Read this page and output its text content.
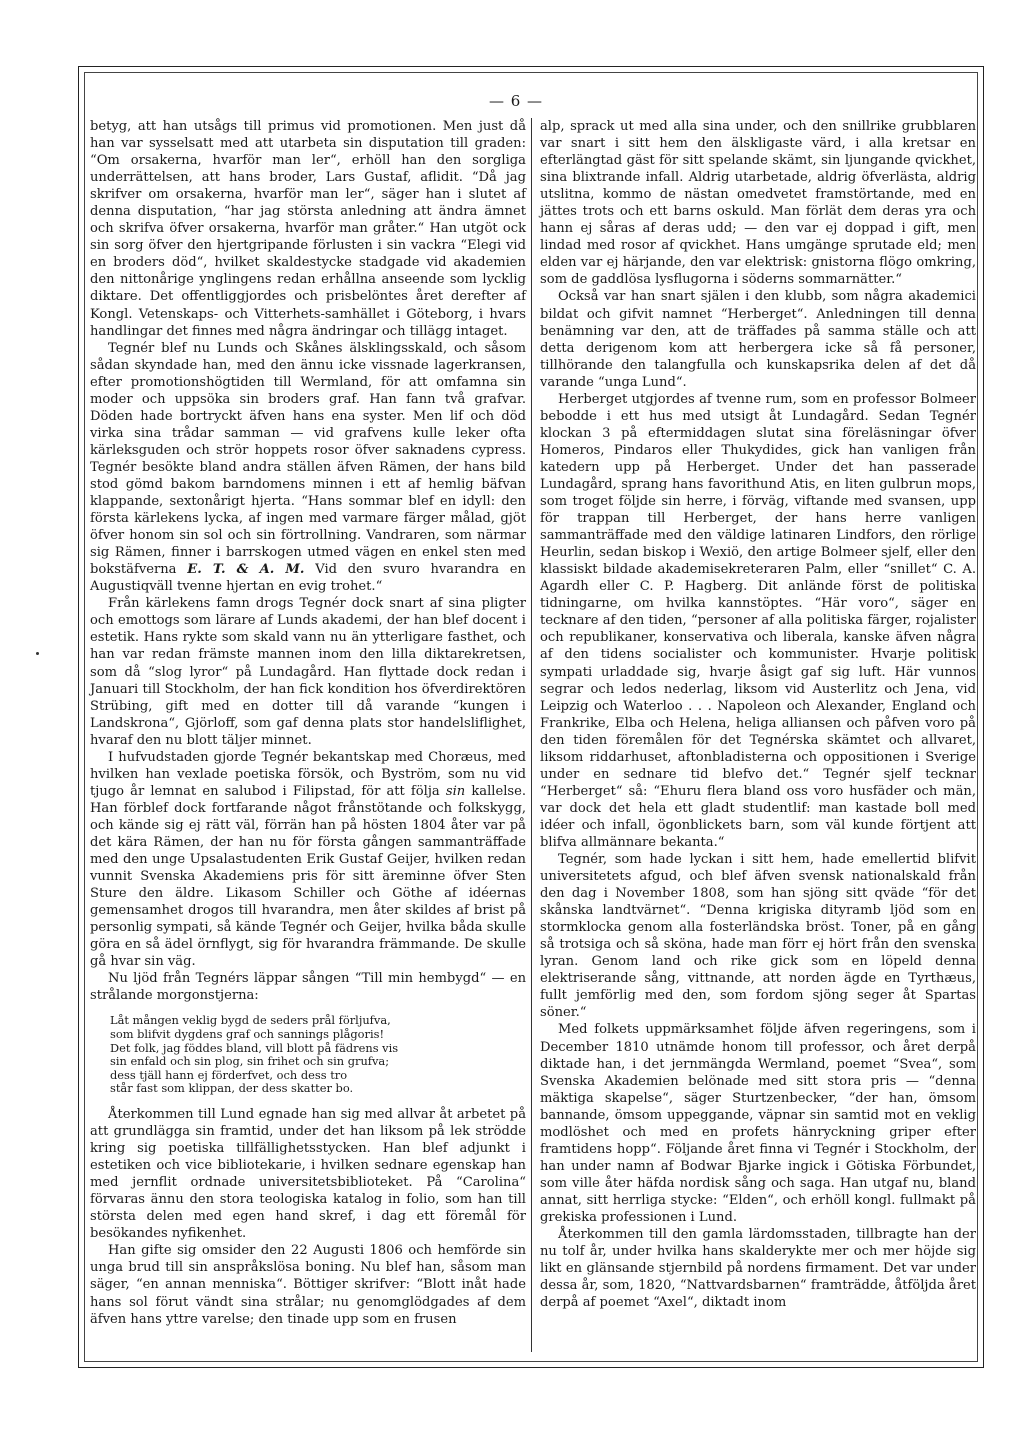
— 6 —

betyg, att han utsågs till primus vid promotionen. Men just då han var sysselsatt med att utarbeta sin disputation till graden: “Om orsakerna, hvarför man ler“, erhöll han den sorgliga underrättelsen, att hans broder, Lars Gustaf, aflidit. “Då jag skrifver om orsakerna, hvarför man ler“, säger han i slutet af denna disputation, “har jag största anledning att ändra ämnet och skrifva öfver orsakerna, hvarför man gråter.“ Han utgöt ock sin sorg öfver den hjertgripande förlusten i sin vackra “Elegi vid en broders död“, hvilket skaldestycke stadgade vid akademien den nittonårige ynglingens redan erhållna anseende som lycklig diktare. Det offentliggjordes och prisbelöntes året derefter af Kongl. Vetenskaps- och Vitterhets-samhället i Göteborg, i hvars handlingar det finnes med några ändringar och tillägg intaget.

Tegnér blef nu Lunds och Skånes älsklingsskald, och såsom sådan skyndade han, med den ännu icke vissnade lagerkransen, efter promotionshögtiden till Wermland, för att omfamna sin moder och uppsöka sin broders graf. Han fann två grafvar. Döden hade bortryckt äfven hans ena syster. Men lif och död virka sina trådar samman — vid grafvens kulle leker ofta kärleksguden och strör hoppets rosor öfver saknadens cypress. Tegnér besökte bland andra ställen äfven Rämen, der hans bild stod gömd bakom barndomens minnen i ett af hemlig bäfvan klappande, sextonårigt hjerta. “Hans sommar blef en idyll: den första kärlekens lycka, af ingen med varmare färger målad, gjöt öfver honom sin sol och sin förtrollning. Vandraren, som närmar sig Rämen, finner i barrskogen utmed vägen en enkel sten med bokstäfverna E. T. & A. M. Vid den svuro hvarandra en Augustiqväll tvenne hjertan en evig trohet.“

Från kärlekens famn drogs Tegnér dock snart af sina pligter och emottogs som lärare af Lunds akademi, der han blef docent i estetik. Hans rykte som skald vann nu än ytterligare fasthet, och han var redan främste mannen inom den lilla diktarekretsen, som då “slog lyror“ på Lundagård. Han flyttade dock redan i Januari till Stockholm, der han fick kondition hos öfverdirektören Strübing, gift med en dotter till då varande “kungen i Landskrona“, Gjörloff, som gaf denna plats stor handelsliflighet, hvaraf den nu blott täljer minnet.

I hufvudstaden gjorde Tegnér bekantskap med Choræus, med hvilken han vexlade poetiska försök, och Byström, som nu vid tjugo år lemnat en salubod i Filipstad, för att följa sin kallelse. Han förblef dock fortfarande något frånstötande och folkskygg, och kände sig ej rätt väl, förrän han på hösten 1804 åter var på det kära Rämen, der han nu för första gången sammanträffade med den unge Upsalastudenten Erik Gustaf Geijer, hvilken redan vunnit Svenska Akademiens pris för sitt äreminne öfver Sten Sture den äldre. Likasom Schiller och Göthe af idéernas gemensamhet drogos till hvarandra, men åter skildes af brist på personlig sympati, så kände Tegnér och Geijer, hvilka båda skulle göra en så ädel örnflygt, sig för hvarandra främmande. De skulle gå hvar sin väg.

Nu ljöd från Tegnérs läppar sången “Till min hembygd“ — en strålande morgonstjerna:

Låt mången veklig bygd de seders prål förljufva,
som blifvit dygdens graf och sannings plågoris!
Det folk, jag föddes bland, vill blott på fädrens vis
sin enfald och sin plog, sin frihet och sin grufva;
dess tjäll hann ej förderfvet, och dess tro
står fast som klippan, der dess skatter bo.

Återkommen till Lund egnade han sig med allvar åt arbetet på att grundlägga sin framtid, under det han liksom på lek strödde kring sig poetiska tillfällighetsstycken. Han blef adjunkt i estetiken och vice bibliotekarie, i hvilken sednare egenskap han med jernflit ordnade universitetsbiblioteket. På “Carolina“ förvaras ännu den stora teologiska katalog in folio, som han till största delen med egen hand skref, i dag ett föremål för besökandes nyfikenhet.

Han gifte sig omsider den 22 Augusti 1806 och hemförde sin unga brud till sin anspråkslösa boning. Nu blef han, såsom man säger, “en annan menniska“. Böttiger skrifver: “Blott inåt hade hans sol förut vändt sina strålar; nu genomglödgades af dem äfven hans yttre varelse; den tinade upp som en frusen

alp, sprack ut med alla sina under, och den snillrike grubblaren var snart i sitt hem den älskligaste värd, i alla kretsar en efterlängtad gäst för sitt spelande skämt, sin ljungande qvickhet, sina blixtrande infall. Aldrig utarbetade, aldrig öfverlästa, aldrig utslitna, kommo de nästan omedvetet framstörtande, med en jättes trots och ett barns oskuld. Man förlät dem deras yra och hann ej såras af deras udd; — den var ej doppad i gift, men lindad med rosor af qvickhet. Hans umgänge sprutade eld; men elden var ej härjande, den var elektrisk: gnistorna flögo omkring, som de gaddlösa lysflugorna i söderns sommarnätter.“

Också var han snart själen i den klubb, som några akademici bildat och gifvit namnet “Herberget“. Anledningen till denna benämning var den, att de träffades på samma ställe och att detta derigenom kom att herbergera icke så få personer, tillhörande den talangfulla och kunskapsrika delen af det då varande “unga Lund“.

Herberget utgjordes af tvenne rum, som en professor Bolmeer bebodde i ett hus med utsigt åt Lundagård. Sedan Tegnér klockan 3 på eftermiddagen slutat sina föreläsningar öfver Homeros, Pindaros eller Thukydides, gick han vanligen från katedern upp på Herberget. Under det han passerade Lundagård, sprang hans favorithund Atis, en liten gulbrun mops, som troget följde sin herre, i förväg, viftande med svansen, upp för trappan till Herberget, der hans herre vanligen sammanträffade med den väldige latinaren Lindfors, den rörlige Heurlin, sedan biskop i Wexiö, den artige Bolmeer sjelf, eller den klassiskt bildade akademisekreteraren Palm, eller “snillet“ C. A. Agardh eller C. P. Hagberg. Dit anlände först de politiska tidningarne, om hvilka kannstöptes. “Här voro“, säger en tecknare af den tiden, “personer af alla politiska färger, rojalister och republikaner, konservativa och liberala, kanske äfven några af den tidens socialister och kommunister. Hvarje politisk sympati urladdade sig, hvarje åsigt gaf sig luft. Här vunnos segrar och ledos nederlag, liksom vid Austerlitz och Jena, vid Leipzig och Waterloo . . . Napoleon och Alexander, England och Frankrike, Elba och Helena, heliga alliansen och påfven voro på den tiden föremålen för det Tegnérska skämtet och allvaret, liksom riddarhuset, aftonbladisterna och oppositionen i Sverige under en sednare tid blefvo det.“ Tegnér sjelf tecknar “Herberget“ så: “Ehuru flera bland oss voro husfäder och män, var dock det hela ett gladt studentlif: man kastade boll med idéer och infall, ögonblickets barn, som väl kunde förtjent att blifva allmännare bekanta.“

Tegnér, som hade lyckan i sitt hem, hade emellertid blifvit universitetets afgud, och blef äfven svensk nationalskald från den dag i November 1808, som han sjöng sitt qväde “för det skånska landtvärnet“. “Denna krigiska dityramb ljöd som en stormklocka genom alla fosterländska bröst. Toner, på en gång så trotsiga och så sköna, hade man förr ej hört från den svenska lyran. Genom land och rike gick som en löpeld denna elektriserande sång, vittnande, att norden ägde en Tyrthæus, fullt jemförlig med den, som fordom sjöng seger åt Spartas söner.“

Med folkets uppmärksamhet följde äfven regeringens, som i December 1810 utnämde honom till professor, och året derpå diktade han, i det jernmängda Wermland, poemet “Svea“, som Svenska Akademien belönade med sitt stora pris — “denna mäktiga skapelse“, säger Sturtzenbecker, “der han, ömsom bannande, ömsom uppeggande, väpnar sin samtid mot en veklig modlöshet och med en profets hänryckning griper efter framtidens hopp“. Följande året finna vi Tegnér i Stockholm, der han under namn af Bodwar Bjarke ingick i Götiska Förbundet, som ville åter häfda nordisk sång och saga. Han utgaf nu, bland annat, sitt herrliga stycke: “Elden“, och erhöll kongl. fullmakt på grekiska professionen i Lund.

Återkommen till den gamla lärdomsstaden, tillbragte han der nu tolf år, under hvilka hans skalderykte mer och mer höjde sig likt en glänsande stjernbild på nordens firmament. Det var under dessa år, som, 1820, “Nattvardsbarnen“ framträdde, åtföljda året derpå af poemet “Axel“, diktadt inom
